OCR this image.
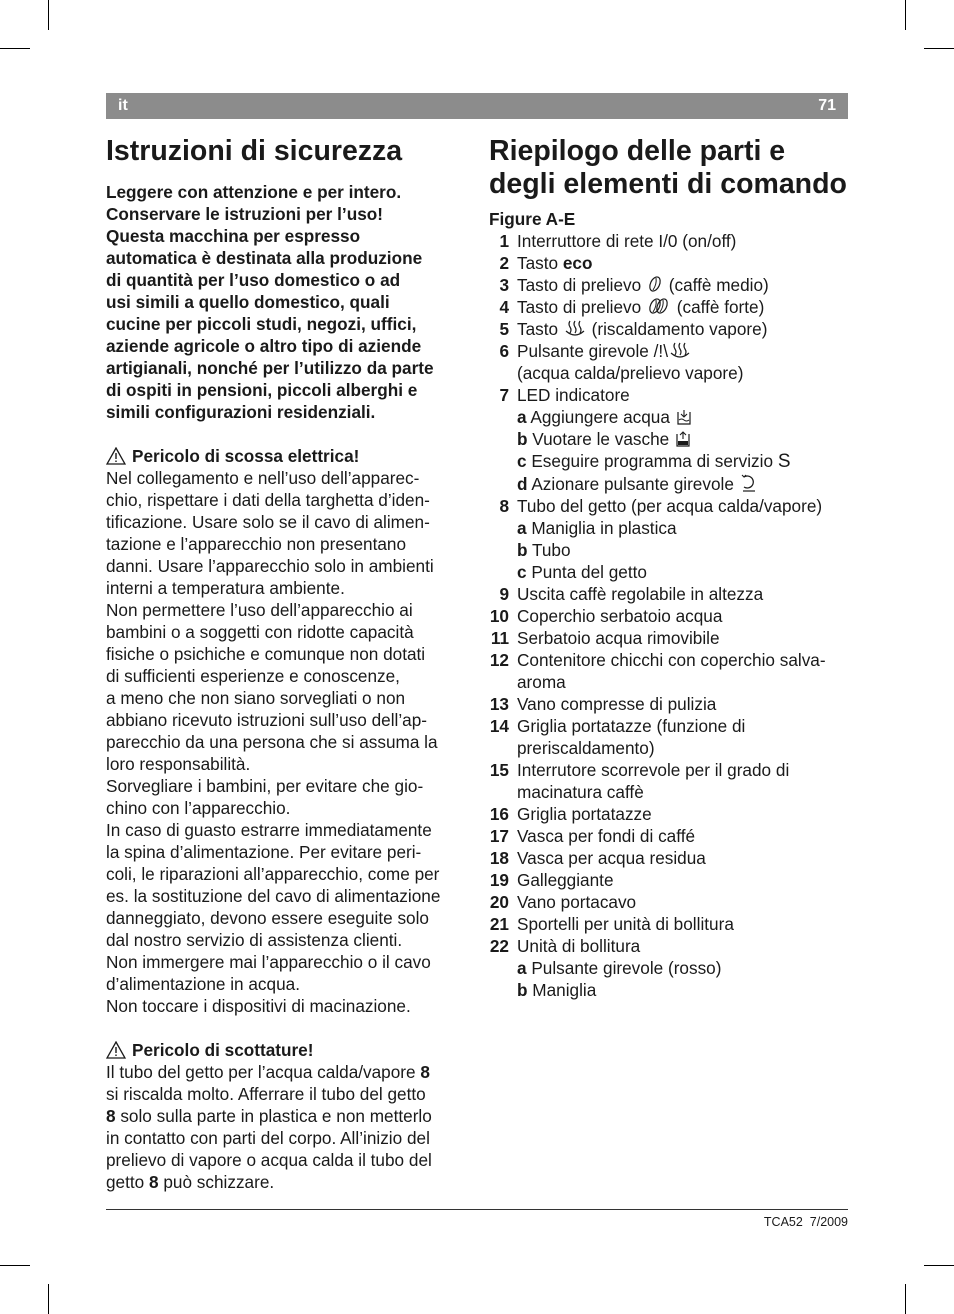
it	71
Istruzioni di sicurezza
Leggere con attenzione e per intero.
Conservare le istruzioni per l’uso!
Questa macchina per espresso
automatica è destinata alla produzione
di quantità per l’uso domestico o ad
usi simili a quello domestico, quali
cucine per piccoli studi, negozi, uffici,
aziende agricole o altro tipo di aziende
artigianali, nonché per l’utilizzo da parte
di ospiti in pensioni, piccoli alberghi e
simili configurazioni residenziali.
Pericolo di scossa elettrica!
Nel collegamento e nell’uso dell’apparec-
chio, rispettare i dati della targhetta d’iden-
tificazione. Usare solo se il cavo di alimen-
tazione e l’apparecchio non presentano
danni. Usare l’apparecchio solo in ambienti
interni a temperatura ambiente.
Non permettere l’uso dell’apparecchio ai
bambini o a soggetti con ridotte capacità
fisiche o psichiche e comunque non dotati
di sufficienti esperienze e conoscenze,
a meno che non siano sorvegliati o non
abbiano ricevuto istruzioni sull’uso dell’ap-
parecchio da una persona che si assuma la
loro responsabilità.
Sorvegliare i bambini, per evitare che gio-
chino con l’apparecchio.
In caso di guasto estrarre immediatamente
la spina d’alimentazione. Per evitare peri-
coli, le riparazioni all’apparecchio, come per
es. la sostituzione del cavo di alimentazione
danneggiato, devono essere eseguite solo
dal nostro servizio di assistenza clienti.
Non immergere mai l’apparecchio o il cavo
d’alimentazione in acqua.
Non toccare i dispositivi di macinazione.
Pericolo di scottature!
Il tubo del getto per l’acqua calda/vapore 8
si riscalda molto. Afferrare il tubo del getto
8 solo sulla parte in plastica e non metterlo
in contatto con parti del corpo. All’inizio del
prelievo di vapore o acqua calda il tubo del
getto 8 può schizzare.
Riepilogo delle parti e
degli elementi di comando
Figure A-E
1 Interruttore di rete I/0 (on/off)
2 Tasto eco
3 Tasto di prelievo (caffè medio)
4 Tasto di prelievo (caffè forte)
5 Tasto (riscaldamento vapore)
6 Pulsante girevole /!\
(acqua calda/prelievo vapore)
7 LED indicatore
a Aggiungere acqua
b Vuotare le vasche
c Eseguire programma di servizio S
d Azionare pulsante girevole
8 Tubo del getto (per acqua calda/vapore)
a Maniglia in plastica
b Tubo
c Punta del getto
9 Uscita caffè regolabile in altezza
10 Coperchio serbatoio acqua
11 Serbatoio acqua rimovibile
12 Contenitore chicchi con coperchio salva-
aroma
13 Vano compresse di pulizia
14 Griglia portatazze (funzione di
preriscaldamento)
15 Interrutore scorrevole per il grado di
macinatura caffè
16 Griglia portatazze
17 Vasca per fondi di caffé
18 Vasca per acqua residua
19 Galleggiante
20 Vano portacavo
21 Sportelli per unità di bollitura
22 Unità di bollitura
a Pulsante girevole (rosso)
b Maniglia
TCA52 7/2009
